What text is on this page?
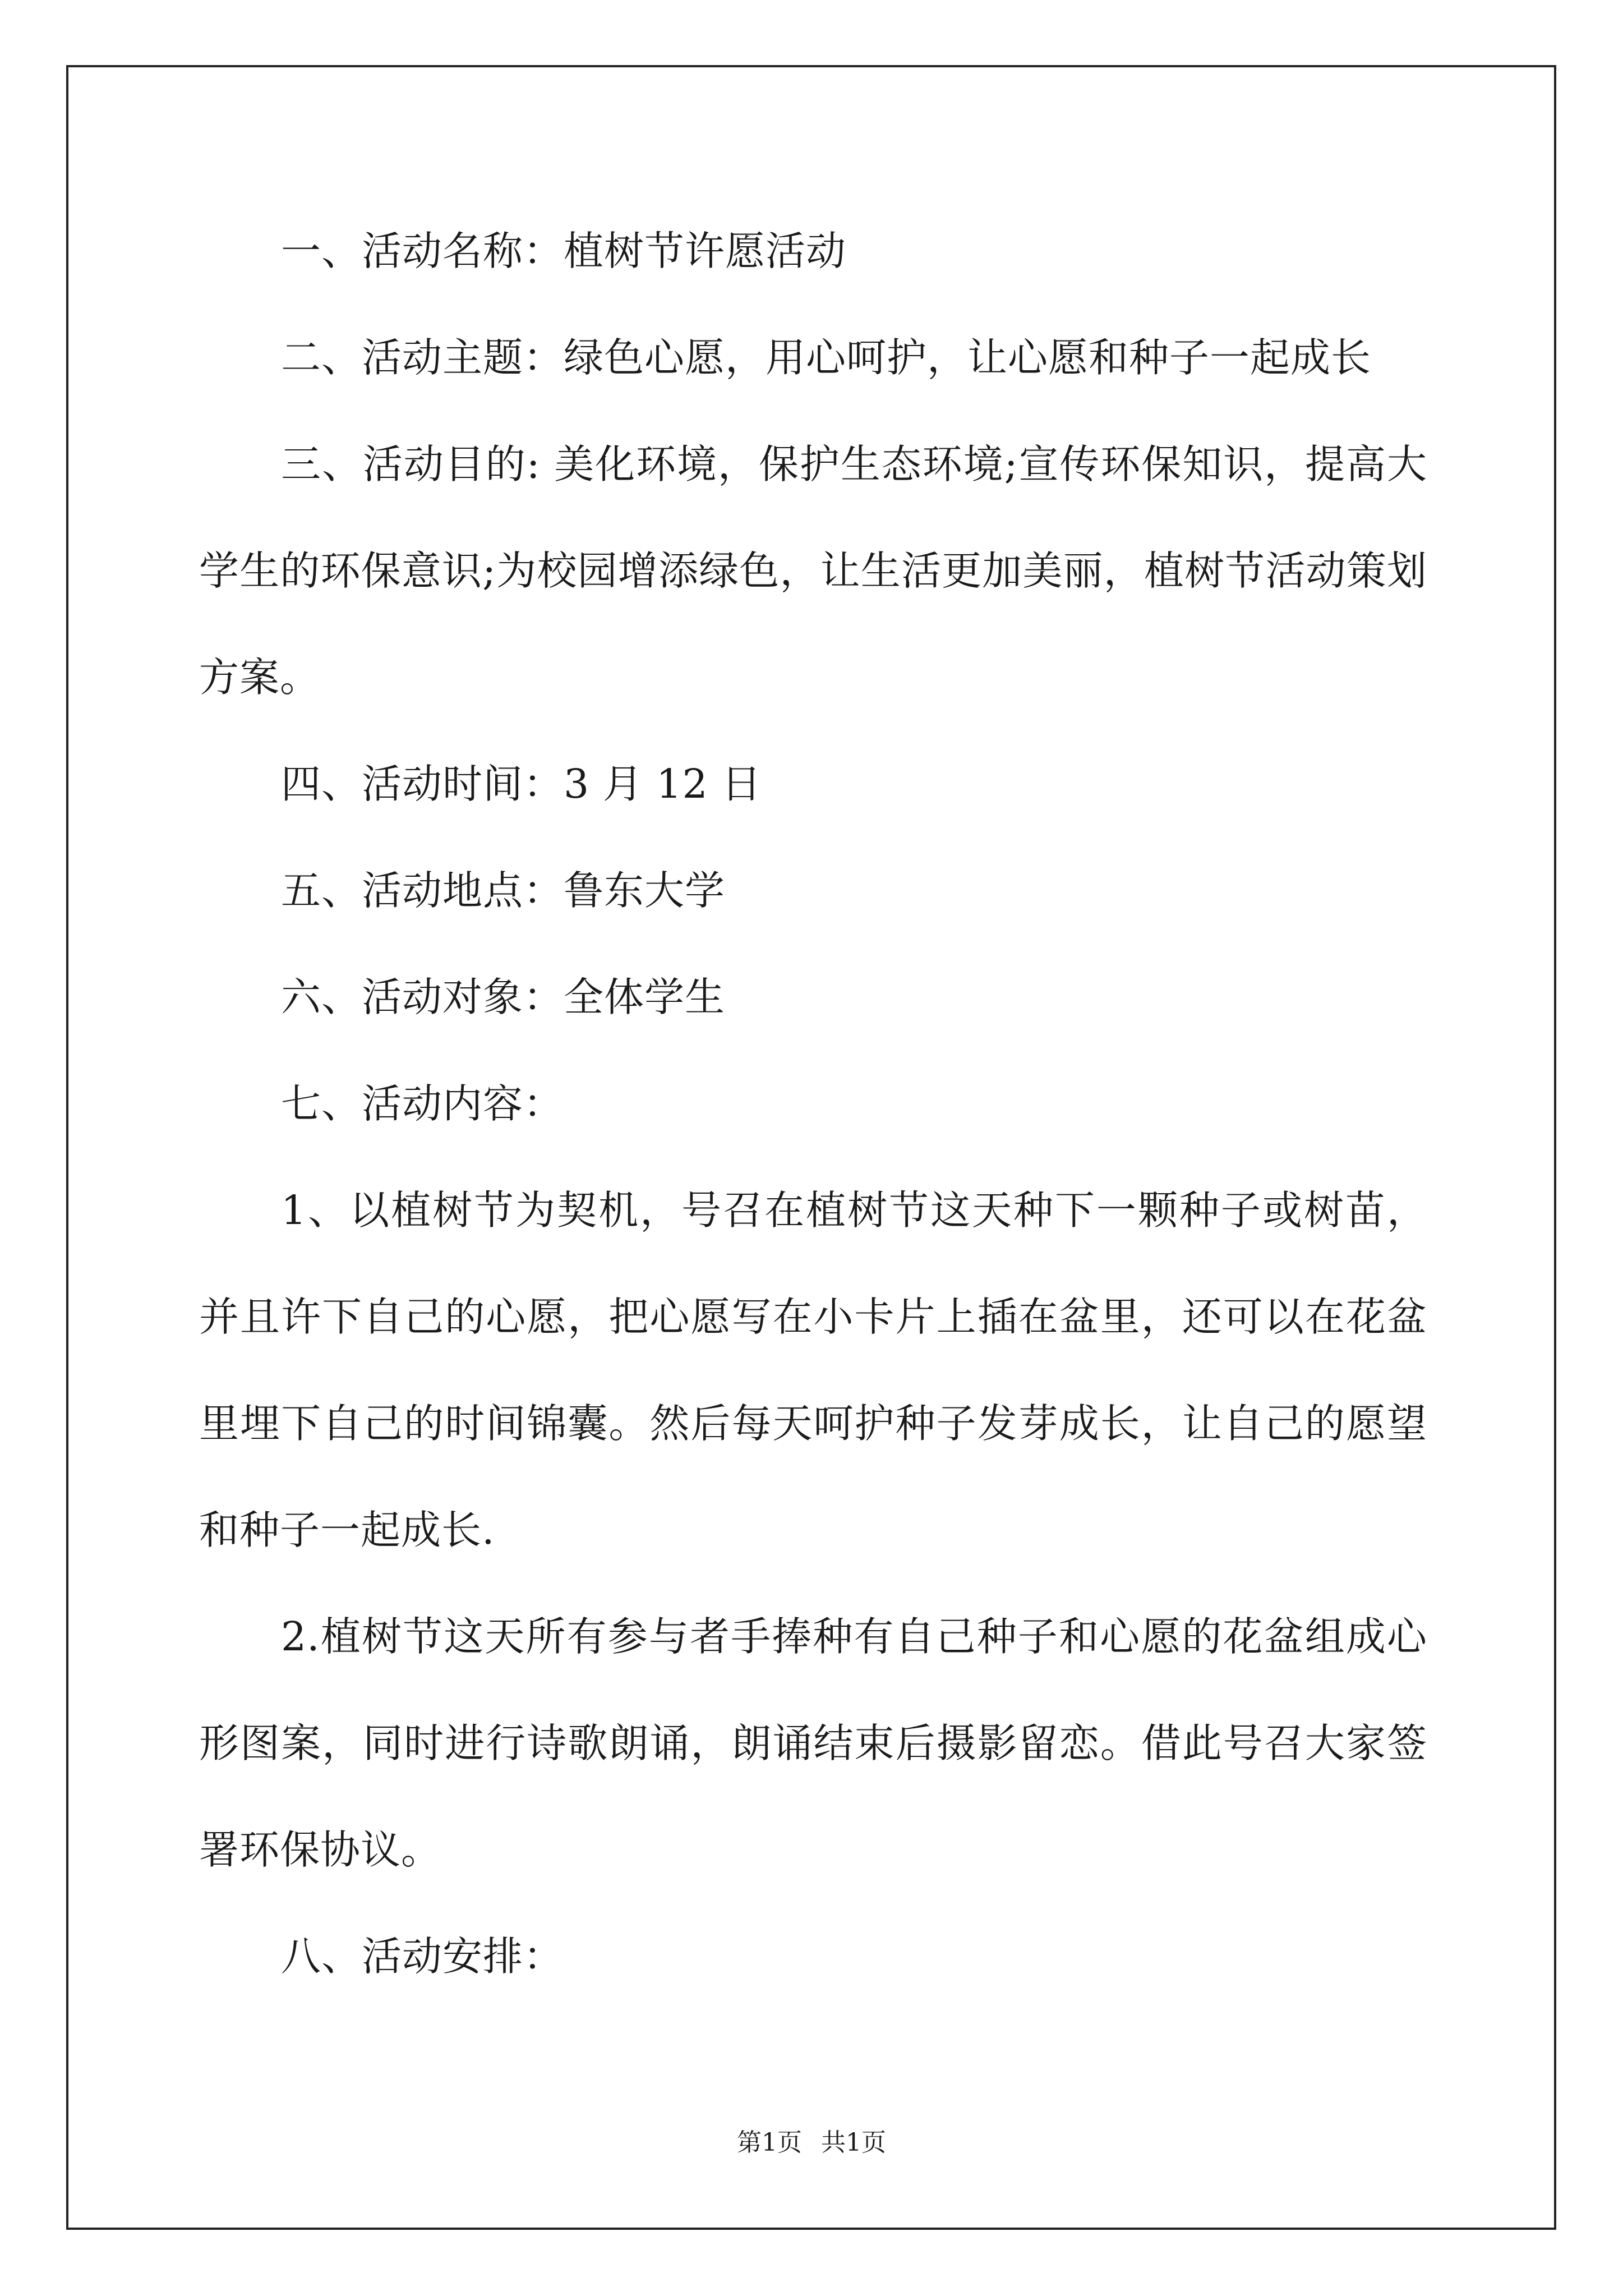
一、活动名称：植树节许愿活动
二、活动主题：绿色心愿，用心呵护，让心愿和种子一起成长
三、活动目的: 美化环境，保护生态环境;宣传环保知识，提高大学生的环保意识;为校园增添绿色，让生活更加美丽，植树节活动策划方案。
四、活动时间：3 月 12 日
五、活动地点：鲁东大学
六、活动对象：全体学生
七、活动内容：
1、以植树节为契机，号召在植树节这天种下一颗种子或树苗，并且许下自己的心愿，把心愿写在小卡片上插在盆里，还可以在花盆里埋下自己的时间锦囊。然后每天呵护种子发芽成长，让自己的愿望和种子一起成长.
2.植树节这天所有参与者手捧种有自己种子和心愿的花盆组成心形图案，同时进行诗歌朗诵，朗诵结束后摄影留恋。借此号召大家签署环保协议。
八、活动安排：
第1页 共1页
